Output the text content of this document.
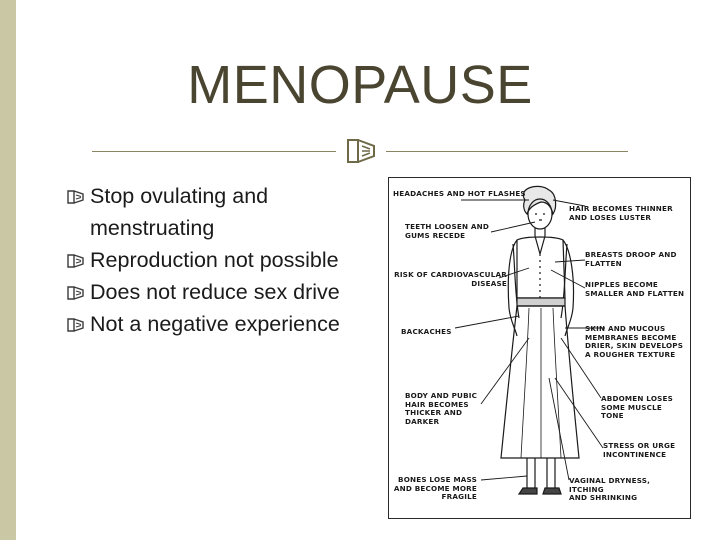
MENOPAUSE
Stop ovulating and menstruating
Reproduction not possible
Does not reduce sex drive
Not a negative experience
HEADACHES AND HOT FLASHES
TEETH LOOSEN AND
GUMS RECEDE
RISK OF CARDIOVASCULAR
DISEASE
BACKACHES
BODY AND PUBIC
HAIR BECOMES
THICKER AND
DARKER
BONES LOSE MASS
AND BECOME MORE
FRAGILE
HAIR BECOMES THINNER
AND LOSES LUSTER
BREASTS DROOP AND
FLATTEN
NIPPLES BECOME
SMALLER AND FLATTEN
SKIN AND MUCOUS
MEMBRANES BECOME
DRIER, SKIN DEVELOPS
A ROUGHER TEXTURE
ABDOMEN LOSES
SOME MUSCLE
TONE
STRESS OR URGE
INCONTINENCE
VAGINAL DRYNESS,
ITCHING
AND SHRINKING
